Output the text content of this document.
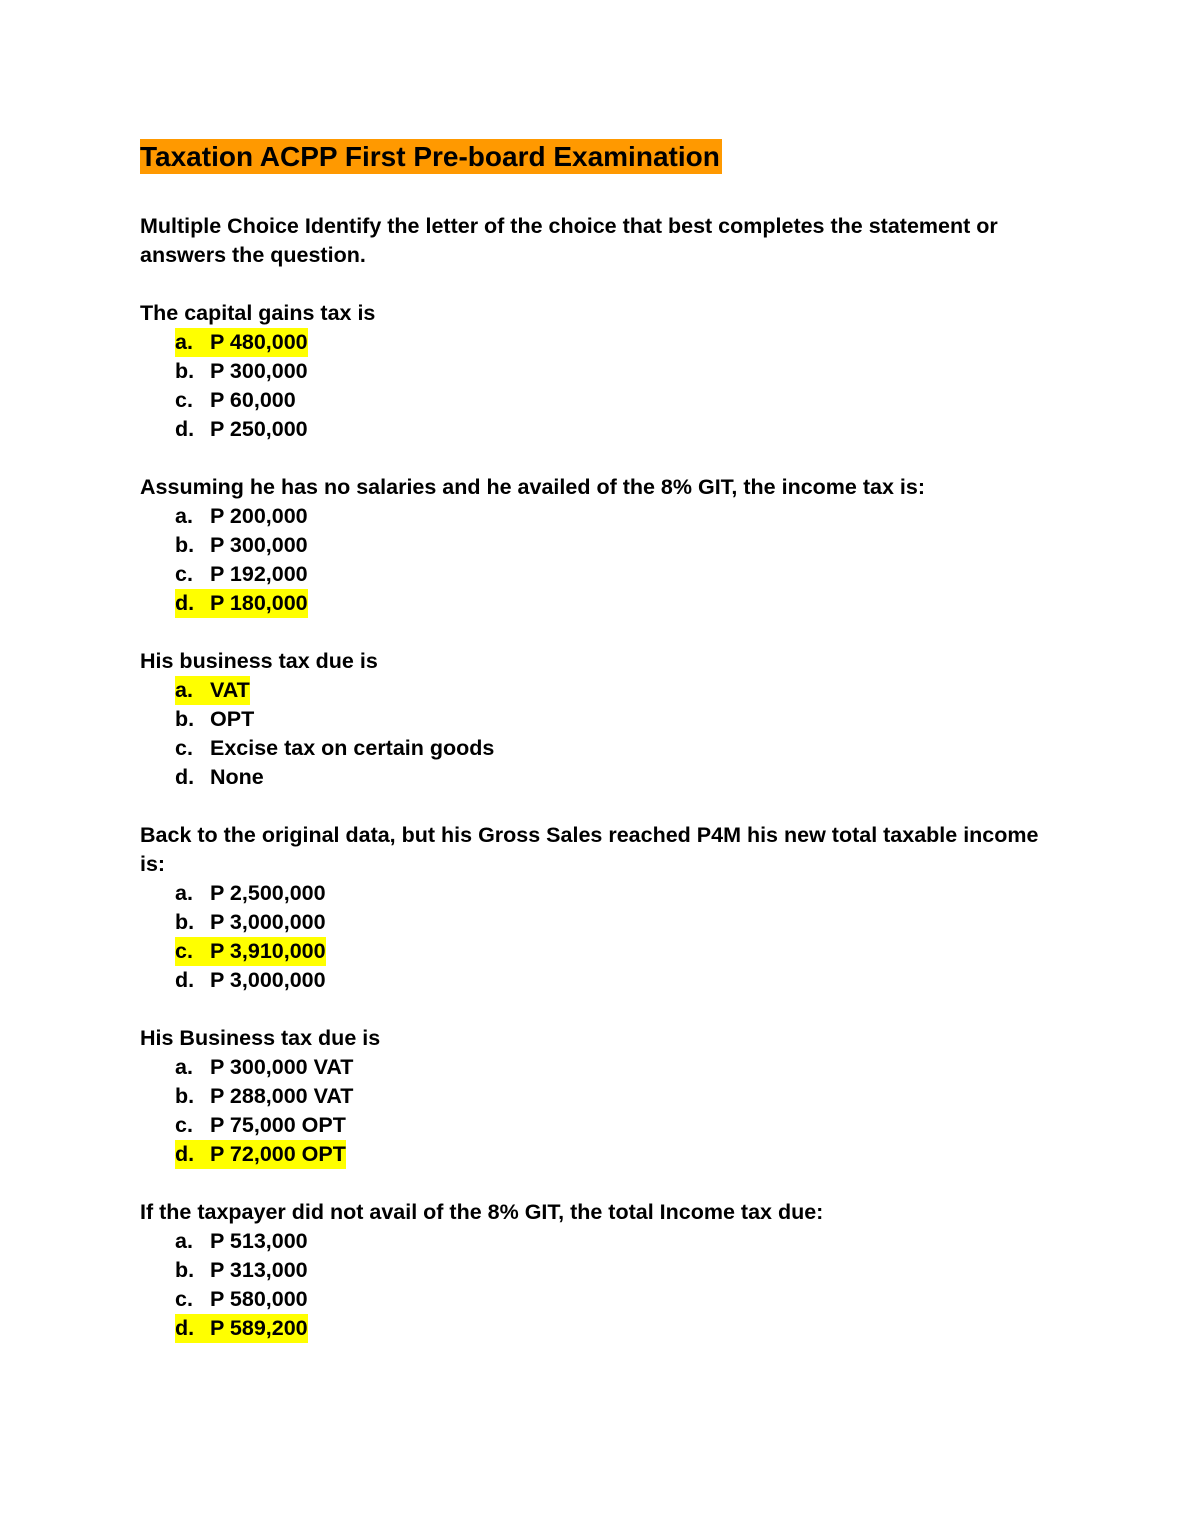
Taxation ACPP First Pre-board Examination
Multiple Choice Identify the letter of the choice that best completes the statement or answers the question.
The capital gains tax is
a. P 480,000
b. P 300,000
c. P 60,000
d. P 250,000
Assuming he has no salaries and he availed of the 8% GIT, the income tax is:
a. P 200,000
b. P 300,000
c. P 192,000
d. P 180,000
His business tax due is
a. VAT
b. OPT
c. Excise tax on certain goods
d. None
Back to the original data, but his Gross Sales reached P4M his new total taxable income is:
a. P 2,500,000
b. P 3,000,000
c. P 3,910,000
d. P 3,000,000
His Business tax due is
a. P 300,000 VAT
b. P 288,000 VAT
c. P 75,000 OPT
d. P 72,000 OPT
If the taxpayer did not avail of the 8% GIT, the total Income tax due:
a. P 513,000
b. P 313,000
c. P 580,000
d. P 589,200
